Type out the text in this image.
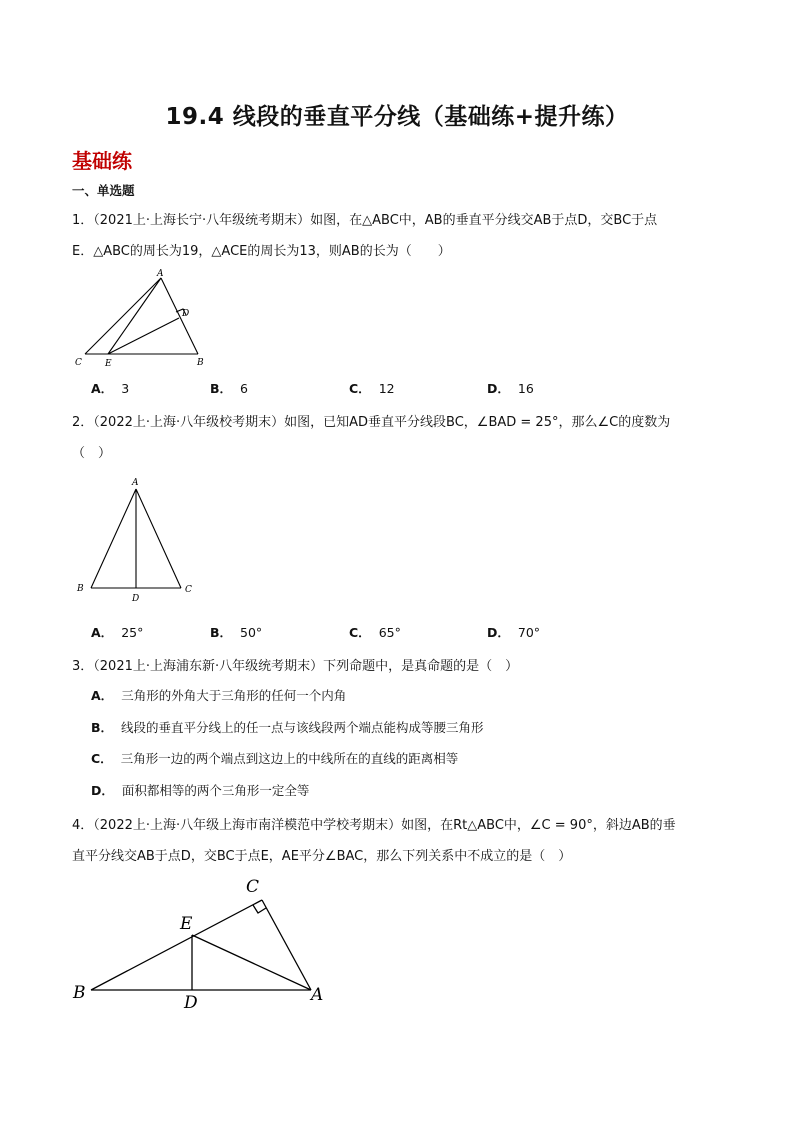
19.4 线段的垂直平分线（基础练+提升练）
基础练
一、单选题
1．（2021上·上海长宁·八年级统考期末）如图，在△ABC中，AB的垂直平分线交AB于点D，交BC于点
E．△ABC的周长为19，△ACE的周长为13，则AB的长为（　　）
A
D
C	E	B
A． 3	B． 6	C． 12	D． 16
2．（2022上·上海·八年级校考期末）如图，已知AD垂直平分线段BC，∠BAD = 25°，那么∠C的度数为
（　）
A
B
D
C
A． 25°	B． 50°	C． 65°	D． 70°
3．（2021上·上海浦东新·八年级统考期末）下列命题中，是真命题的是（　）
A． 三角形的外角大于三角形的任何一个内角
B． 线段的垂直平分线上的任一点与该线段两个端点能构成等腰三角形
C． 三角形一边的两个端点到这边上的中线所在的直线的距离相等
D． 面积都相等的两个三角形一定全等
4．（2022上·上海·八年级上海市南洋模范中学校考期末）如图，在Rt△ABC中，∠C = 90°，斜边AB的垂
直平分线交AB于点D，交BC于点E，AE平分∠BAC，那么下列关系中不成立的是（　）
C
E
B	D	A
